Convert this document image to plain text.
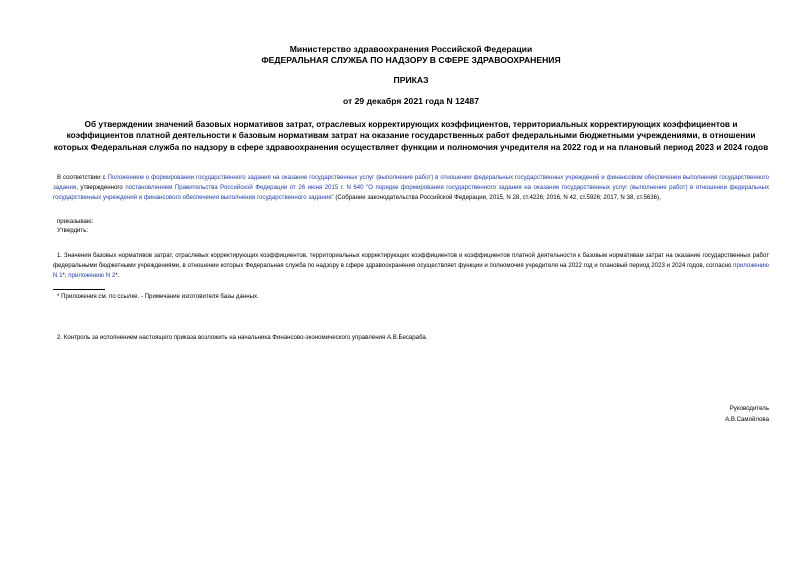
Министерство здравоохранения Российской Федерации
ФЕДЕРАЛЬНАЯ СЛУЖБА ПО НАДЗОРУ В СФЕРЕ ЗДРАВООХРАНЕНИЯ
ПРИКАЗ
от 29 декабря 2021 года N 12487
Об утверждении значений базовых нормативов затрат, отраслевых корректирующих коэффициентов, территориальных корректирующих коэффициентов и коэффициентов платной деятельности к базовым нормативам затрат на оказание государственных работ федеральными бюджетными учреждениями, в отношении которых Федеральная служба по надзору в сфере здравоохранения осуществляет функции и полномочия учредителя на 2022 год и на плановый период 2023 и 2024 годов
В соответствии с Положением о формировании государственного задания на оказание государственных услуг (выполнение работ) в отношении федеральных государственных учреждений и финансовом обеспечении выполнения государственного задания, утвержденного постановлением Правительства Российской Федерации от 26 июня 2015 г. N 640 "О порядке формирования государственного задания на оказание государственных услуг (выполнение работ) в отношении федеральных государственных учреждений и финансового обеспечения выполнения государственного задания" (Собрание законодательства Российской Федерации, 2015, N 28, ст.4226; 2016, N 42, ст.5926; 2017, N 38, ст.5636),
приказываю:
Утвердить:
1. Значения базовых нормативов затрат, отраслевых корректирующих коэффициентов, территориальных корректирующих коэффициентов и коэффициентов платной деятельности к базовым нормативам затрат на оказание государственных работ федеральными бюджетными учреждениями, в отношении которых Федеральная служба по надзору в сфере здравоохранения осуществляет функции и полномочия учредителя на 2022 год и плановый период 2023 и 2024 годов, согласно приложению N 1*, приложению N 2*.
* Приложения см. по ссылке. - Примечание изготовителя базы данных.
2. Контроль за исполнением настоящего приказа возложить на начальника Финансово-экономического управления А.В.Бесараба.
Руководитель
А.В.Самойлова
